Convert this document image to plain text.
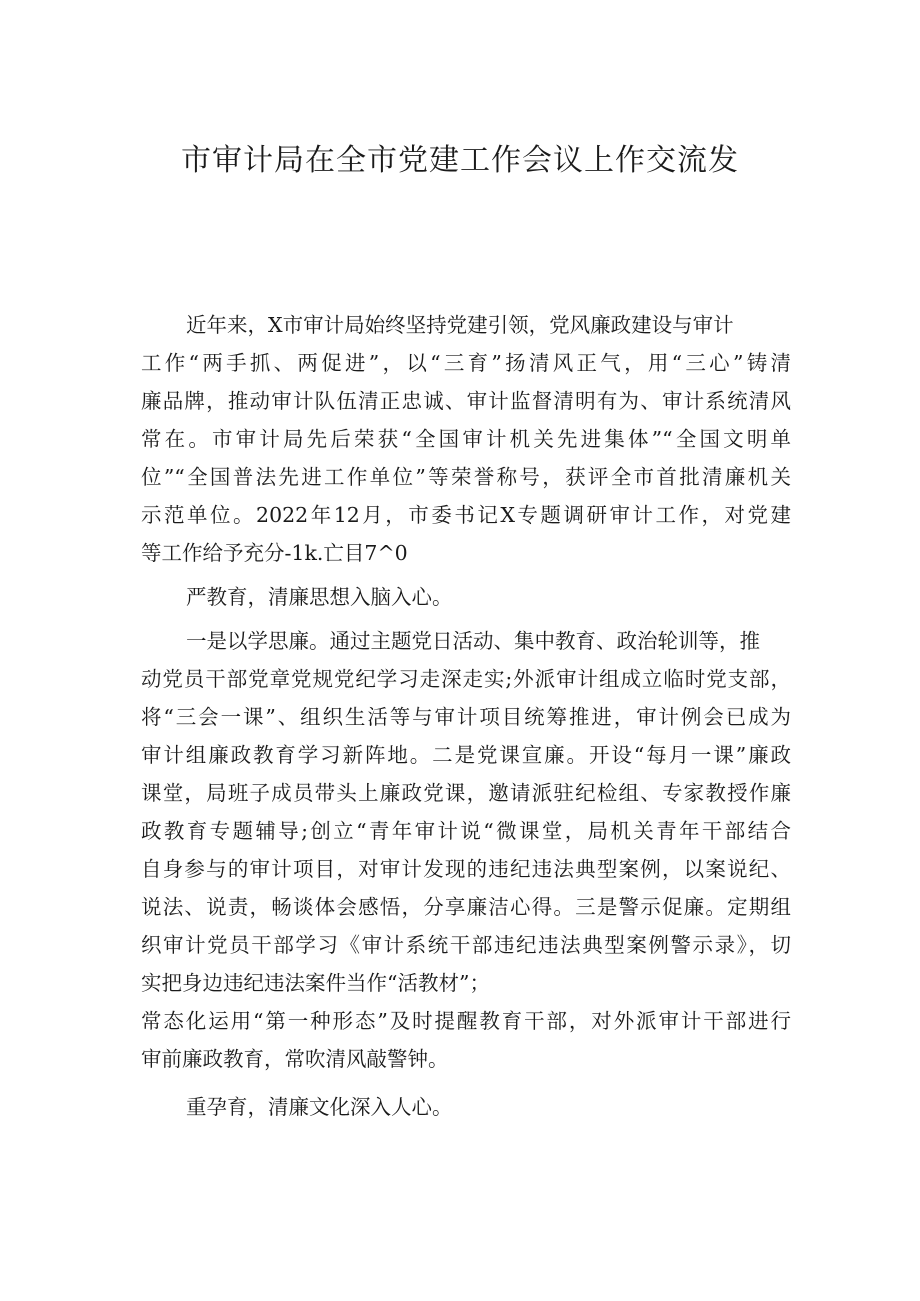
市审计局在全市党建工作会议上作交流发
近年来，X市审计局始终坚持党建引领，党风廉政建设与审计
工作“两手抓、两促进”，以“三育”扬清风正气，用“三心”铸清
廉品牌，推动审计队伍清正忠诚、审计监督清明有为、审计系统清风
常在。市审计局先后荣获“全国审计机关先进集体”“全国文明单
位”“全国普法先进工作单位”等荣誉称号，获评全市首批清廉机关
示范单位。2022年12月，市委书记X专题调研审计工作，对党建
等工作给予充分-1k.亡目7^0
严教育，清廉思想入脑入心。
一是以学思廉。通过主题党日活动、集中教育、政治轮训等，推
动党员干部党章党规党纪学习走深走实;外派审计组成立临时党支部，
将“三会一课”、组织生活等与审计项目统筹推进，审计例会已成为
审计组廉政教育学习新阵地。二是党课宣廉。开设“每月一课”廉政
课堂，局班子成员带头上廉政党课，邀请派驻纪检组、专家教授作廉
政教育专题辅导;创立“青年审计说“微课堂，局机关青年干部结合
自身参与的审计项目，对审计发现的违纪违法典型案例，以案说纪、
说法、说责，畅谈体会感悟，分享廉洁心得。三是警示促廉。定期组
织审计党员干部学习《审计系统干部违纪违法典型案例警示录》，切
实把身边违纪违法案件当作“活教材”；
常态化运用“第一种形态”及时提醒教育干部，对外派审计干部进行
审前廉政教育，常吹清风敲警钟。
重孕育，清廉文化深入人心。
